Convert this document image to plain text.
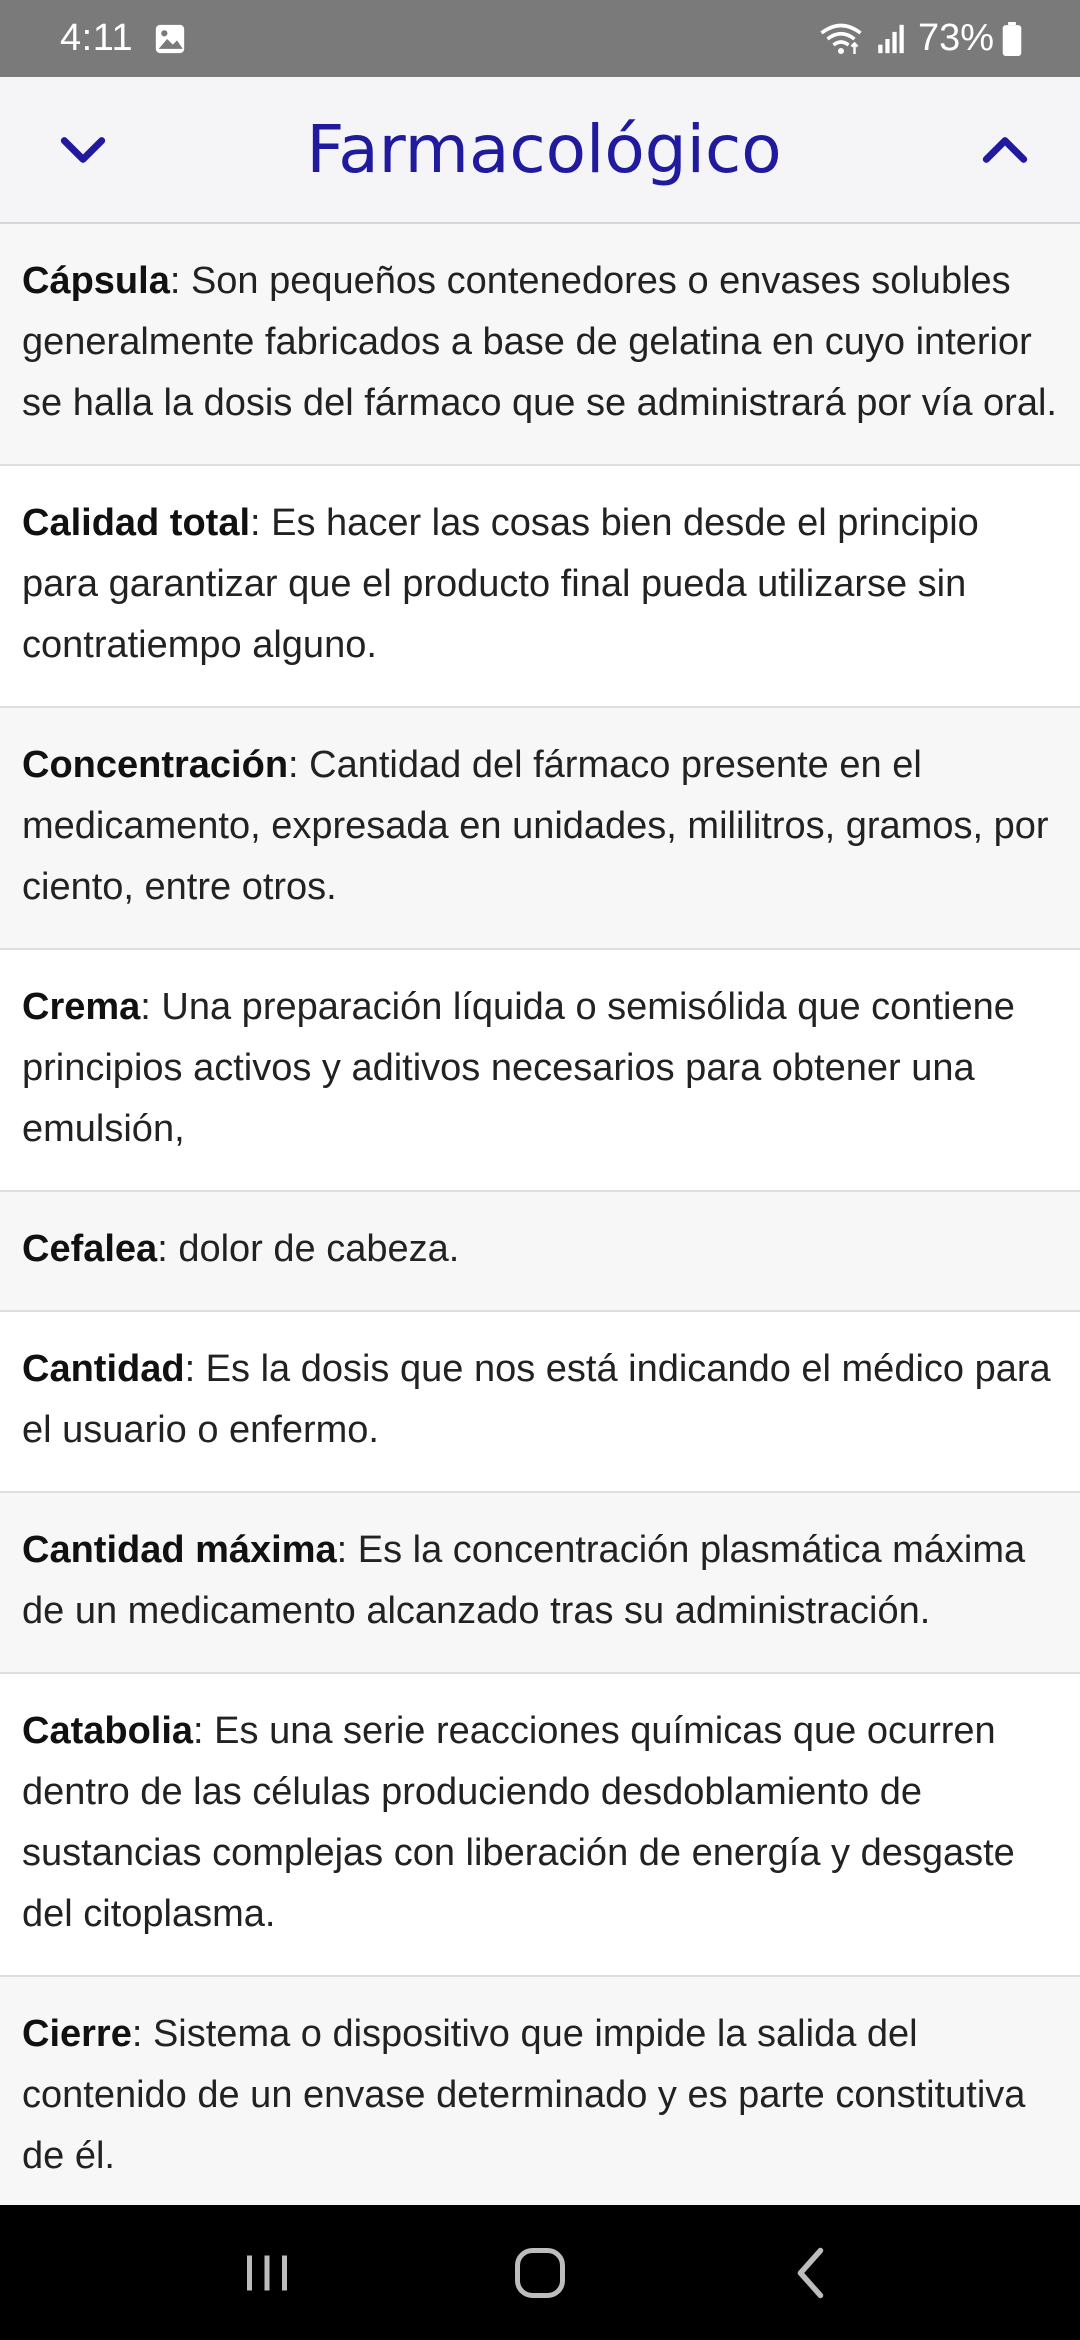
4:11	73%
Farmacológico
Cápsula: Son pequeños contenedores o envases solubles generalmente fabricados a base de gelatina en cuyo interior se halla la dosis del fármaco que se administrará por vía oral.
Calidad total: Es hacer las cosas bien desde el principio para garantizar que el producto final pueda utilizarse sin contratiempo alguno.
Concentración: Cantidad del fármaco presente en el medicamento, expresada en unidades, mililitros, gramos, por ciento, entre otros.
Crema: Una preparación líquida o semisólida que contiene principios activos y aditivos necesarios para obtener una emulsión,
Cefalea: dolor de cabeza.
Cantidad: Es la dosis que nos está indicando el médico para el usuario o enfermo.
Cantidad máxima: Es la concentración plasmática máxima de un medicamento alcanzado tras su administración.
Catabolia: Es una serie reacciones químicas que ocurren dentro de las células produciendo desdoblamiento de sustancias complejas con liberación de energía y desgaste del citoplasma.
Cierre: Sistema o dispositivo que impide la salida del contenido de un envase determinado y es parte constitutiva de él.
